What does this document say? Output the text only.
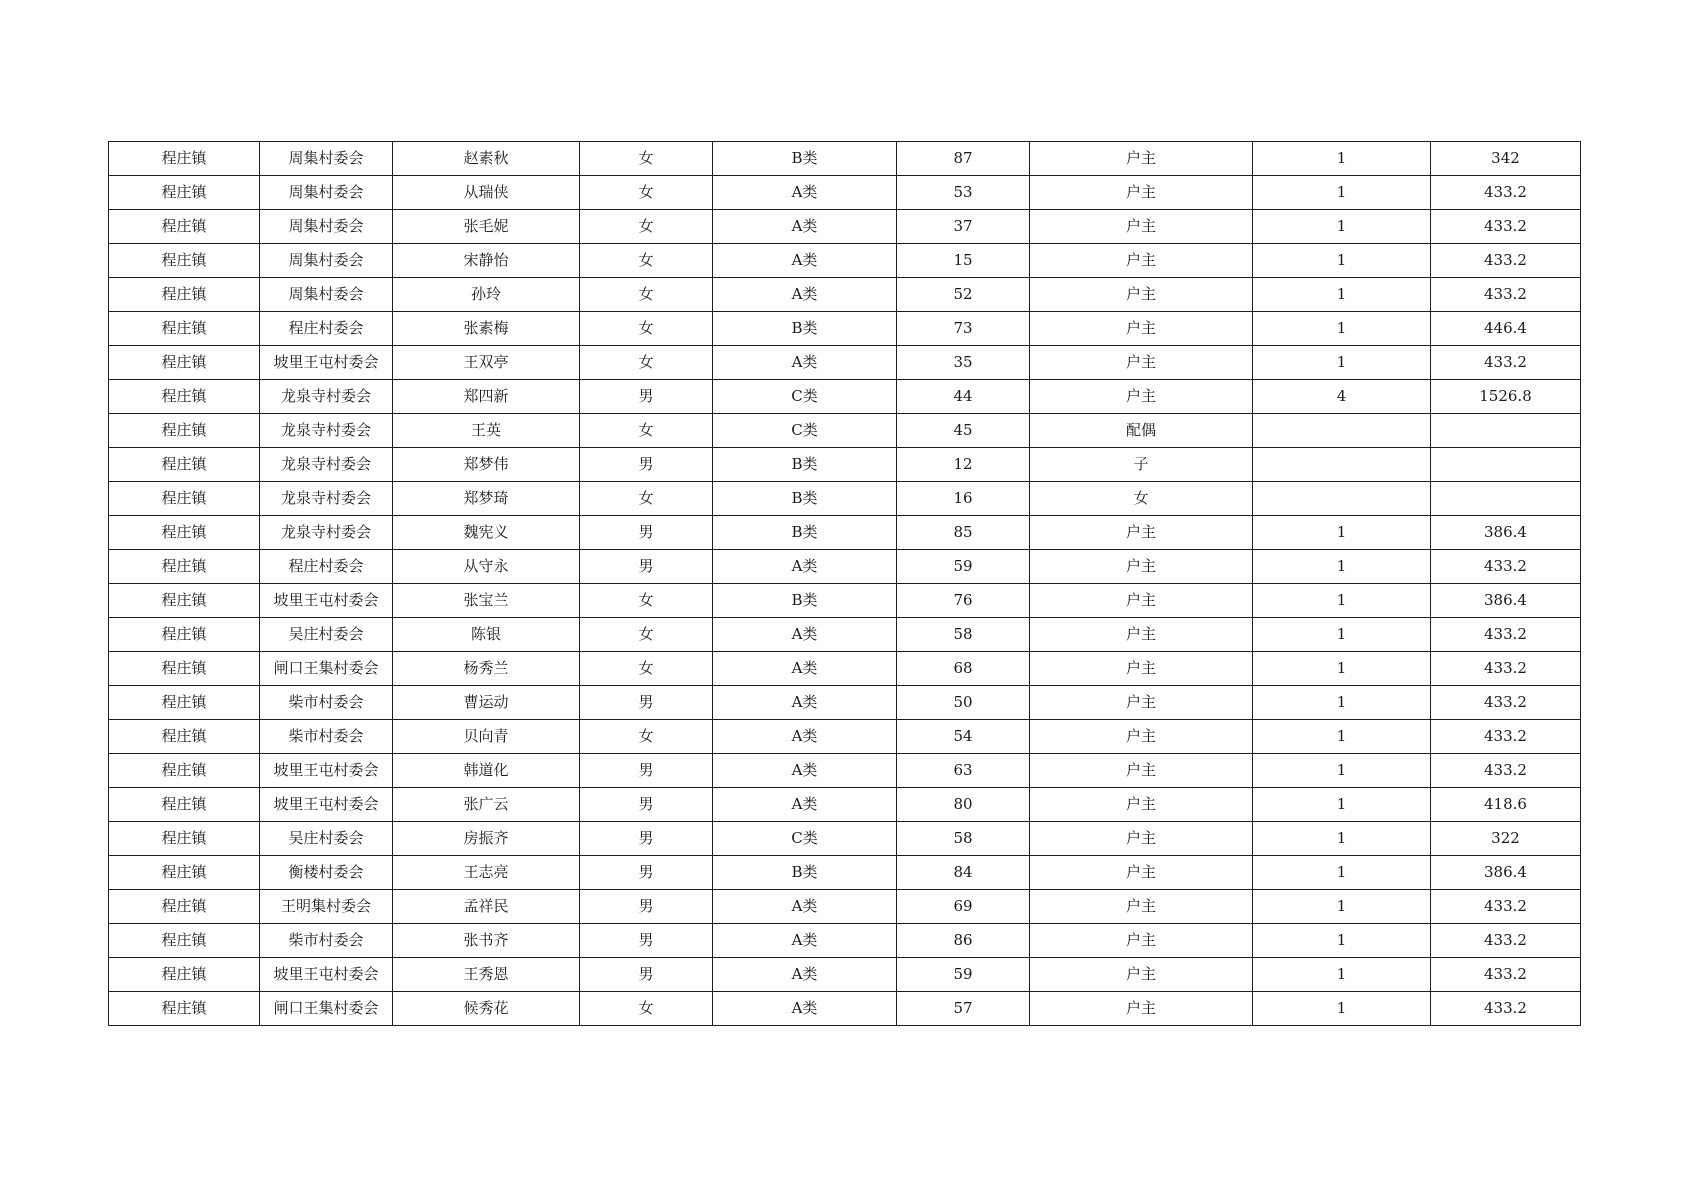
程庄镇	周集村委会	赵素秋	女	B类	87	户主	1	342
程庄镇	周集村委会	从瑞侠	女	A类	53	户主	1	433.2
程庄镇	周集村委会	张毛妮	女	A类	37	户主	1	433.2
程庄镇	周集村委会	宋静怡	女	A类	15	户主	1	433.2
程庄镇	周集村委会	孙玲	女	A类	52	户主	1	433.2
程庄镇	程庄村委会	张素梅	女	B类	73	户主	1	446.4
程庄镇	坡里王屯村委会	王双亭	女	A类	35	户主	1	433.2
程庄镇	龙泉寺村委会	郑四新	男	C类	44	户主	4	1526.8
程庄镇	龙泉寺村委会	王英	女	C类	45	配偶		
程庄镇	龙泉寺村委会	郑梦伟	男	B类	12	子		
程庄镇	龙泉寺村委会	郑梦琦	女	B类	16	女		
程庄镇	龙泉寺村委会	魏宪义	男	B类	85	户主	1	386.4
程庄镇	程庄村委会	从守永	男	A类	59	户主	1	433.2
程庄镇	坡里王屯村委会	张宝兰	女	B类	76	户主	1	386.4
程庄镇	吴庄村委会	陈银	女	A类	58	户主	1	433.2
程庄镇	闸口王集村委会	杨秀兰	女	A类	68	户主	1	433.2
程庄镇	柴市村委会	曹运动	男	A类	50	户主	1	433.2
程庄镇	柴市村委会	贝向青	女	A类	54	户主	1	433.2
程庄镇	坡里王屯村委会	韩道化	男	A类	63	户主	1	433.2
程庄镇	坡里王屯村委会	张广云	男	A类	80	户主	1	418.6
程庄镇	吴庄村委会	房振齐	男	C类	58	户主	1	322
程庄镇	衡楼村委会	王志亮	男	B类	84	户主	1	386.4
程庄镇	王明集村委会	孟祥民	男	A类	69	户主	1	433.2
程庄镇	柴市村委会	张书齐	男	A类	86	户主	1	433.2
程庄镇	坡里王屯村委会	王秀恩	男	A类	59	户主	1	433.2
程庄镇	闸口王集村委会	候秀花	女	A类	57	户主	1	433.2
